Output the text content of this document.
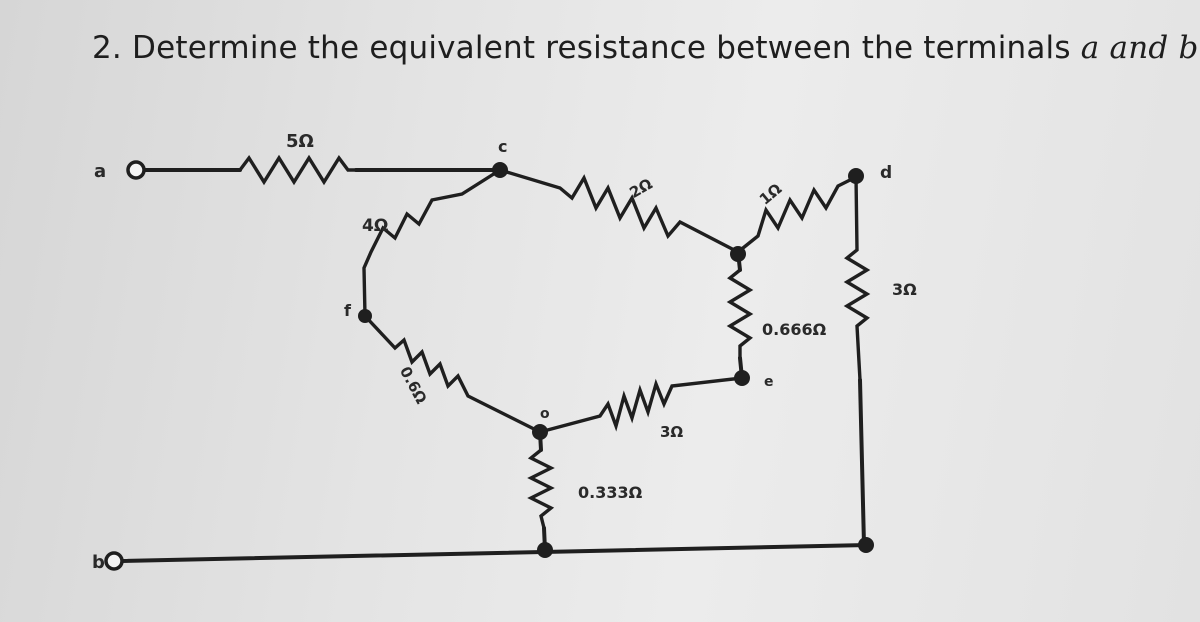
2. Determine the equivalent resistance between the terminals a and b
a
b
c
d
e
f
o
5Ω
4Ω
2Ω	1Ω
3Ω
0.666Ω
0.6Ω
3Ω
0.333Ω
